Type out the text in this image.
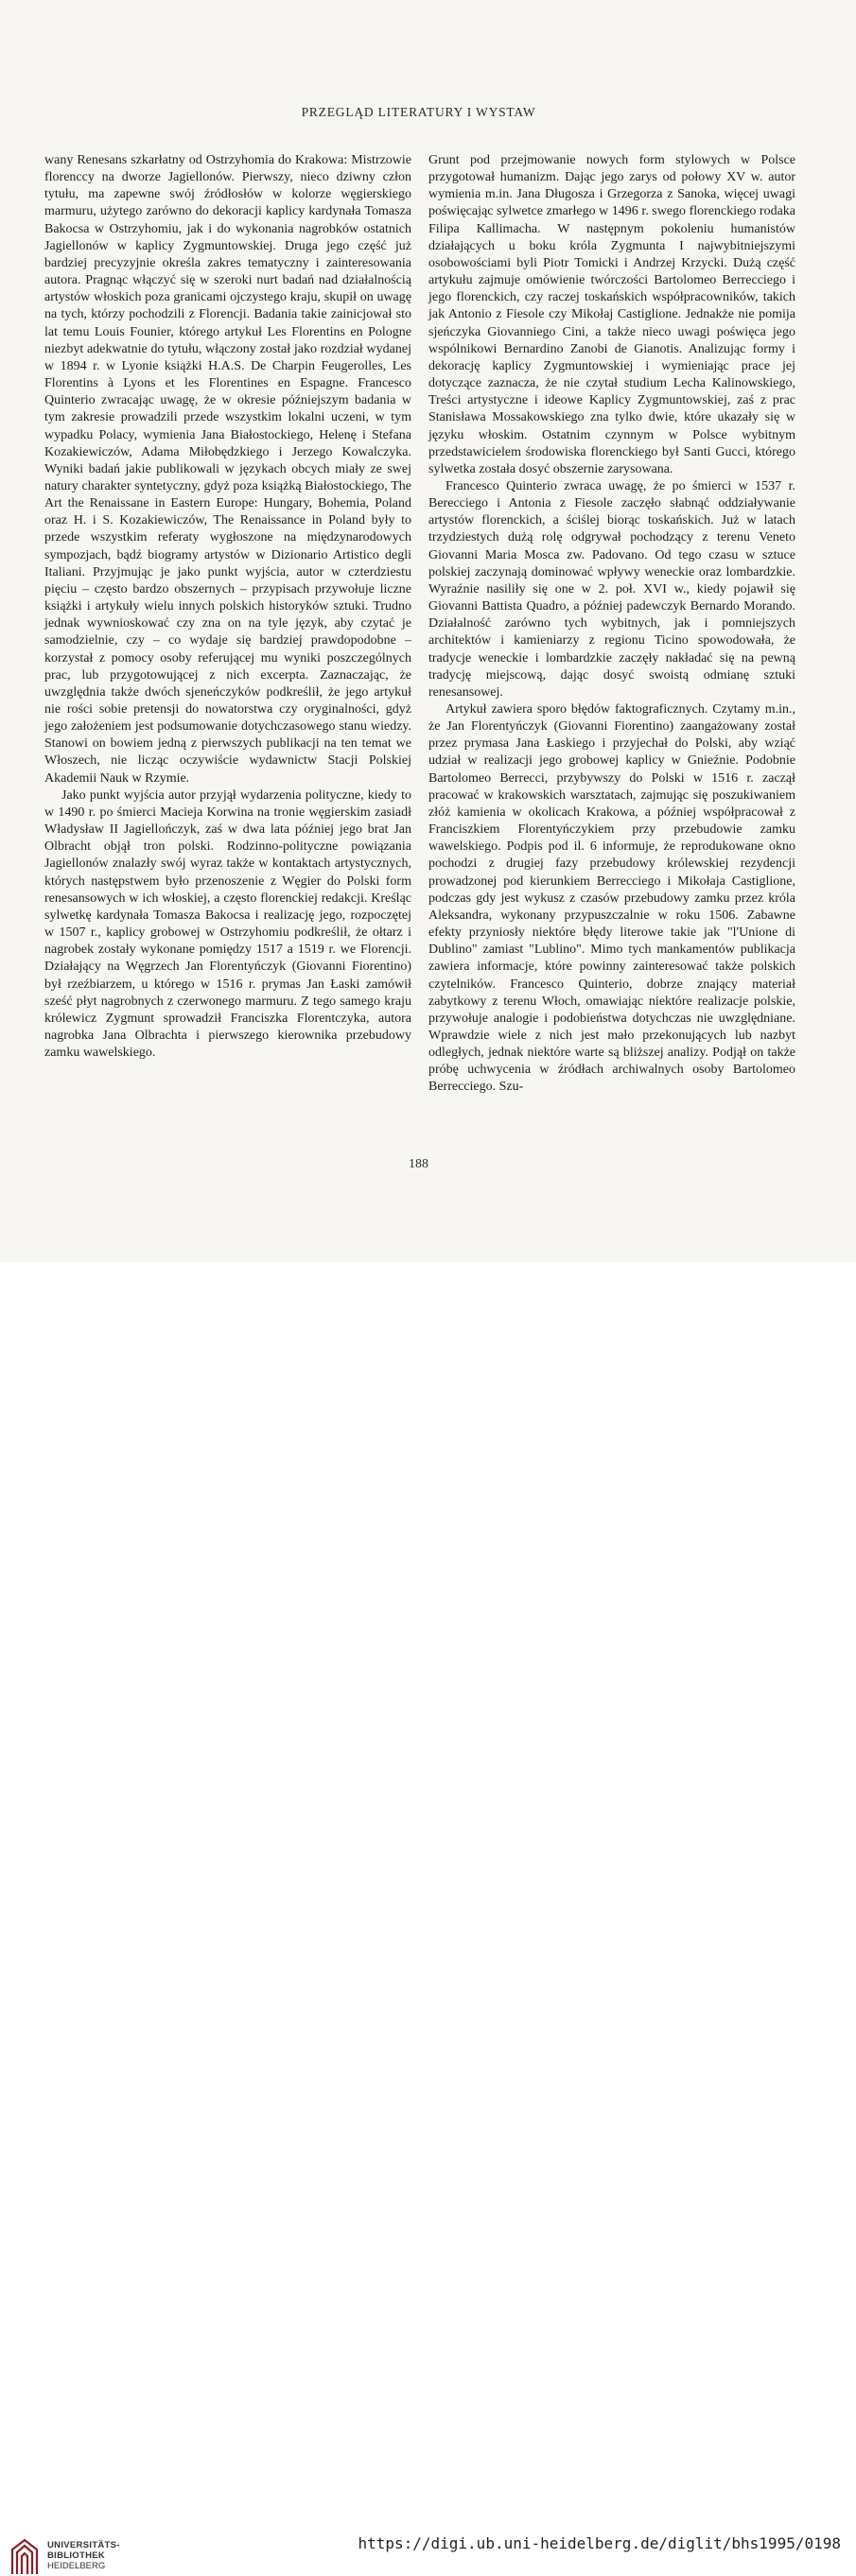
PRZEGLĄD LITERATURY I WYSTAW

wany Renesans szkarłatny od Ostrzyhomia do Krakowa: Mistrzowie florenccy na dworze Jagiellonów. Pierwszy, nieco dziwny człon tytułu, ma zapewne swój źródłosłów w kolorze węgierskiego marmuru, użytego zarówno do dekoracji kaplicy kardynała Tomasza Bakocsa w Ostrzyhomiu, jak i do wykonania nagrobków ostatnich Jagiellonów w kaplicy Zygmuntowskiej. Druga jego część już bardziej precyzyjnie określa zakres tematyczny i zainteresowania autora. Pragnąc włączyć się w szeroki nurt badań nad działalnością artystów włoskich poza granicami ojczystego kraju, skupił on uwagę na tych, którzy pochodzili z Florencji. Badania takie zainicjował sto lat temu Louis Founier, którego artykuł Les Florentins en Pologne niezbyt adekwatnie do tytułu, włączony został jako rozdział wydanej w 1894 r. w Lyonie książki H.A.S. De Charpin Feugerolles, Les Florentins à Lyons et les Florentines en Espagne. Francesco Quinterio zwracając uwagę, że w okresie późniejszym badania w tym zakresie prowadzili przede wszystkim lokalni uczeni, w tym wypadku Polacy, wymienia Jana Białostockiego, Helenę i Stefana Kozakiewiczów, Adama Miłobędzkiego i Jerzego Kowalczyka. Wyniki badań jakie publikowali w językach obcych miały ze swej natury charakter syntetyczny, gdyż poza książką Białostockiego, The Art the Renaissane in Eastern Europe: Hungary, Bohemia, Poland oraz H. i S. Kozakiewiczów, The Renaissance in Poland były to przede wszystkim referaty wygłoszone na międzynarodowych sympozjach, bądź biogramy artystów w Dizionario Artistico degli Italiani. Przyjmując je jako punkt wyjścia, autor w czterdziestu pięciu – często bardzo obszernych – przypisach przywołuje liczne książki i artykuły wielu innych polskich historyków sztuki. Trudno jednak wywnioskować czy zna on na tyle język, aby czytać je samodzielnie, czy – co wydaje się bardziej prawdopodobne – korzystał z pomocy osoby referującej mu wyniki poszczególnych prac, lub przygotowującej z nich excerpta. Zaznaczając, że uwzględnia także dwóch sjeneńczyków podkreślił, że jego artykuł nie rości sobie pretensji do nowatorstwa czy oryginalności, gdyż jego założeniem jest podsumowanie dotychczasowego stanu wiedzy. Stanowi on bowiem jedną z pierwszych publikacji na ten temat we Włoszech, nie licząc oczywiście wydawnictw Stacji Polskiej Akademii Nauk w Rzymie.

Jako punkt wyjścia autor przyjął wydarzenia polityczne, kiedy to w 1490 r. po śmierci Macieja Korwina na tronie węgierskim zasiadł Władysław II Jagiellończyk, zaś w dwa lata później jego brat Jan Olbracht objął tron polski. Rodzinno-polityczne powiązania Jagiellonów znalazły swój wyraz także w kontaktach artystycznych, których następstwem było przenoszenie z Węgier do Polski form renesansowych w ich włoskiej, a często florenckiej redakcji. Kreśląc sylwetkę kardynała Tomasza Bakocsa i realizację jego, rozpoczętej w 1507 r., kaplicy grobowej w Ostrzyhomiu podkreślił, że ołtarz i nagrobek zostały wykonane pomiędzy 1517 a 1519 r. we Florencji. Działający na Węgrzech Jan Florentyńczyk (Giovanni Fiorentino) był rzeźbiarzem, u którego w 1516 r. prymas Jan Łaski zamówił sześć płyt nagrobnych z czerwonego marmuru. Z tego samego kraju królewicz Zygmunt sprowadził Franciszka Florentczyka, autora nagrobka Jana Olbrachta i pierwszego kierownika przebudowy zamku wawelskiego.

Grunt pod przejmowanie nowych form stylowych w Polsce przygotował humanizm. Dając jego zarys od połowy XV w. autor wymienia m.in. Jana Długosza i Grzegorza z Sanoka, więcej uwagi poświęcając sylwetce zmarłego w 1496 r. swego florenckiego rodaka Filipa Kallimacha. W następnym pokoleniu humanistów działających u boku króla Zygmunta I najwybitniejszymi osobowościami byli Piotr Tomicki i Andrzej Krzycki. Dużą część artykułu zajmuje omówienie twórczości Bartolomeo Berrecciego i jego florenckich, czy raczej toskańskich współpracowników, takich jak Antonio z Fiesole czy Mikołaj Castiglione. Jednakże nie pomija sjeńczyka Giovanniego Cini, a także nieco uwagi poświęca jego wspólnikowi Bernardino Zanobi de Gianotis. Analizując formy i dekorację kaplicy Zygmuntowskiej i wymieniając prace jej dotyczące zaznacza, że nie czytał studium Lecha Kalinowskiego, Treści artystyczne i ideowe Kaplicy Zygmuntowskiej, zaś z prac Stanisława Mossakowskiego zna tylko dwie, które ukazały się w języku włoskim. Ostatnim czynnym w Polsce wybitnym przedstawicielem środowiska florenckiego był Santi Gucci, którego sylwetka została dosyć obszernie zarysowana.

Francesco Quinterio zwraca uwagę, że po śmierci w 1537 r. Berecciego i Antonia z Fiesole zaczęło słabnąć oddziaływanie artystów florenckich, a ściślej biorąc toskańskich. Już w latach trzydziestych dużą rolę odgrywał pochodzący z terenu Veneto Giovanni Maria Mosca zw. Padovano. Od tego czasu w sztuce polskiej zaczynają dominować wpływy weneckie oraz lombardzkie. Wyraźnie nasiliły się one w 2. poł. XVI w., kiedy pojawił się Giovanni Battista Quadro, a później padewczyk Bernardo Morando. Działalność zarówno tych wybitnych, jak i pomniejszych architektów i kamieniarzy z regionu Ticino spowodowała, że tradycje weneckie i lombardzkie zaczęły nakładać się na pewną tradycję miejscową, dając dosyć swoistą odmianę sztuki renesansowej.

Artykuł zawiera sporo błędów faktograficznych. Czytamy m.in., że Jan Florentyńczyk (Giovanni Fiorentino) zaangażowany został przez prymasa Jana Łaskiego i przyjechał do Polski, aby wziąć udział w realizacji jego grobowej kaplicy w Gnieźnie. Podobnie Bartolomeo Berrecci, przybywszy do Polski w 1516 r. zaczął pracować w krakowskich warsztatach, zajmując się poszukiwaniem złóż kamienia w okolicach Krakowa, a później współpracował z Franciszkiem Florentyńczykiem przy przebudowie zamku wawelskiego. Podpis pod il. 6 informuje, że reprodukowane okno pochodzi z drugiej fazy przebudowy królewskiej rezydencji prowadzonej pod kierunkiem Berrecciego i Mikołaja Castiglione, podczas gdy jest wykusz z czasów przebudowy zamku przez króla Aleksandra, wykonany przypuszczalnie w roku 1506. Zabawne efekty przyniosły niektóre błędy literowe takie jak "l'Unione di Dublino" zamiast "Lublino". Mimo tych mankamentów publikacja zawiera informacje, które powinny zainteresować także polskich czytelników. Francesco Quinterio, dobrze znający materiał zabytkowy z terenu Włoch, omawiając niektóre realizacje polskie, przywołuje analogie i podobieństwa dotychczas nie uwzględniane. Wprawdzie wiele z nich jest mało przekonujących lub nazbyt odległych, jednak niektóre warte są bliższej analizy. Podjął on także próbę uchwycenia w źródłach archiwalnych osoby Bartolomeo Berrecciego. Szu-

188
UNIVERSITÄTS-
BIBLIOTHEK
HEIDELBERG
https://digi.ub.uni-heidelberg.de/diglit/bhs1995/0198
